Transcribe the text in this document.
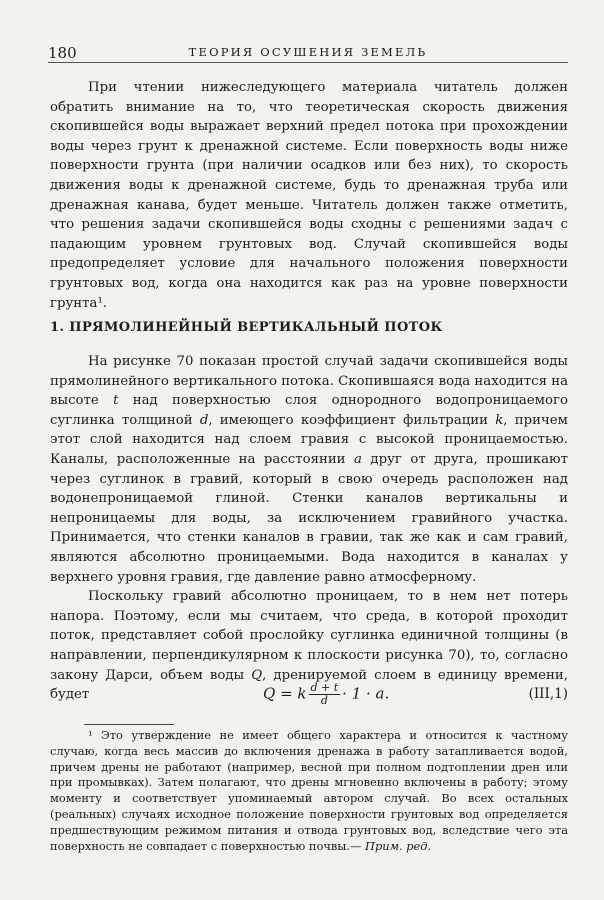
180	ТЕОРИЯ ОСУШЕНИЯ ЗЕМЕЛЬ

При чтении нижеследующего материала читатель должен обратить внимание на то, что теоретическая скорость движения скопившейся воды выражает верхний предел потока при прохождении воды через грунт к дренажной системе. Если поверхность воды ниже поверхности грунта (при наличии осадков или без них), то скорость движения воды к дренажной системе, будь то дренажная труба или дренажная канава, будет меньше. Читатель должен также отметить, что решения задачи скопившейся воды сходны с решениями задач с падающим уровнем грунтовых вод. Случай скопившейся воды предопределяет условие для начального положения поверхности грунтовых вод, когда она находится как раз на уровне поверхности грунта¹.

1. ПРЯМОЛИНЕЙНЫЙ ВЕРТИКАЛЬНЫЙ ПОТОК

На рисунке 70 показан простой случай задачи скопившейся воды прямолинейного вертикального потока. Скопившаяся вода находится на высоте t над поверхностью слоя однородного водопроницаемого суглинка толщиной d, имеющего коэффициент фильтрации k, причем этот слой находится над слоем гравия с высокой проницаемостью. Каналы, расположенные на расстоянии a друг от друга, прошикают через суглинок в гравий, который в свою очередь расположен над водонепроницаемой глиной. Стенки каналов вертикальны и непроницаемы для воды, за исключением гравийного участка. Принимается, что стенки каналов в гравии, так же как и сам гравий, являются абсолютно проницаемыми. Вода находится в каналах у верхнего уровня гравия, где давление равно атмосферному.

Поскольку гравий абсолютно проницаем, то в нем нет потерь напора. Поэтому, если мы считаем, что среда, в которой проходит поток, представляет собой прослойку суглинка единичной толщины (в направлении, перпендикулярном к плоскости рисунка 70), то, согласно закону Дарси, объем воды Q, дренируемой слоем в единицу времени, будет	Q = k $\frac{d + t}{d} \cdot 1 \cdot a$.	(III,1)

¹ Это утверждение не имеет общего характера и относится к частному случаю, когда весь массив до включения дренажа в работу затапливается водой, причем дрены не работают (например, весной при полном подтоплении дрен или при промывках). Затем полагают, что дрены мгновенно включены в работу; этому моменту и соответствует упоминаемый автором случай. Во всех остальных (реальных) случаях исходное положение поверхности грунтовых вод определяется предшествующим режимом питания и отвода грунтовых вод, вследствие чего эта поверхность не совпадает с поверхностью почвы.— Прим. ред.
